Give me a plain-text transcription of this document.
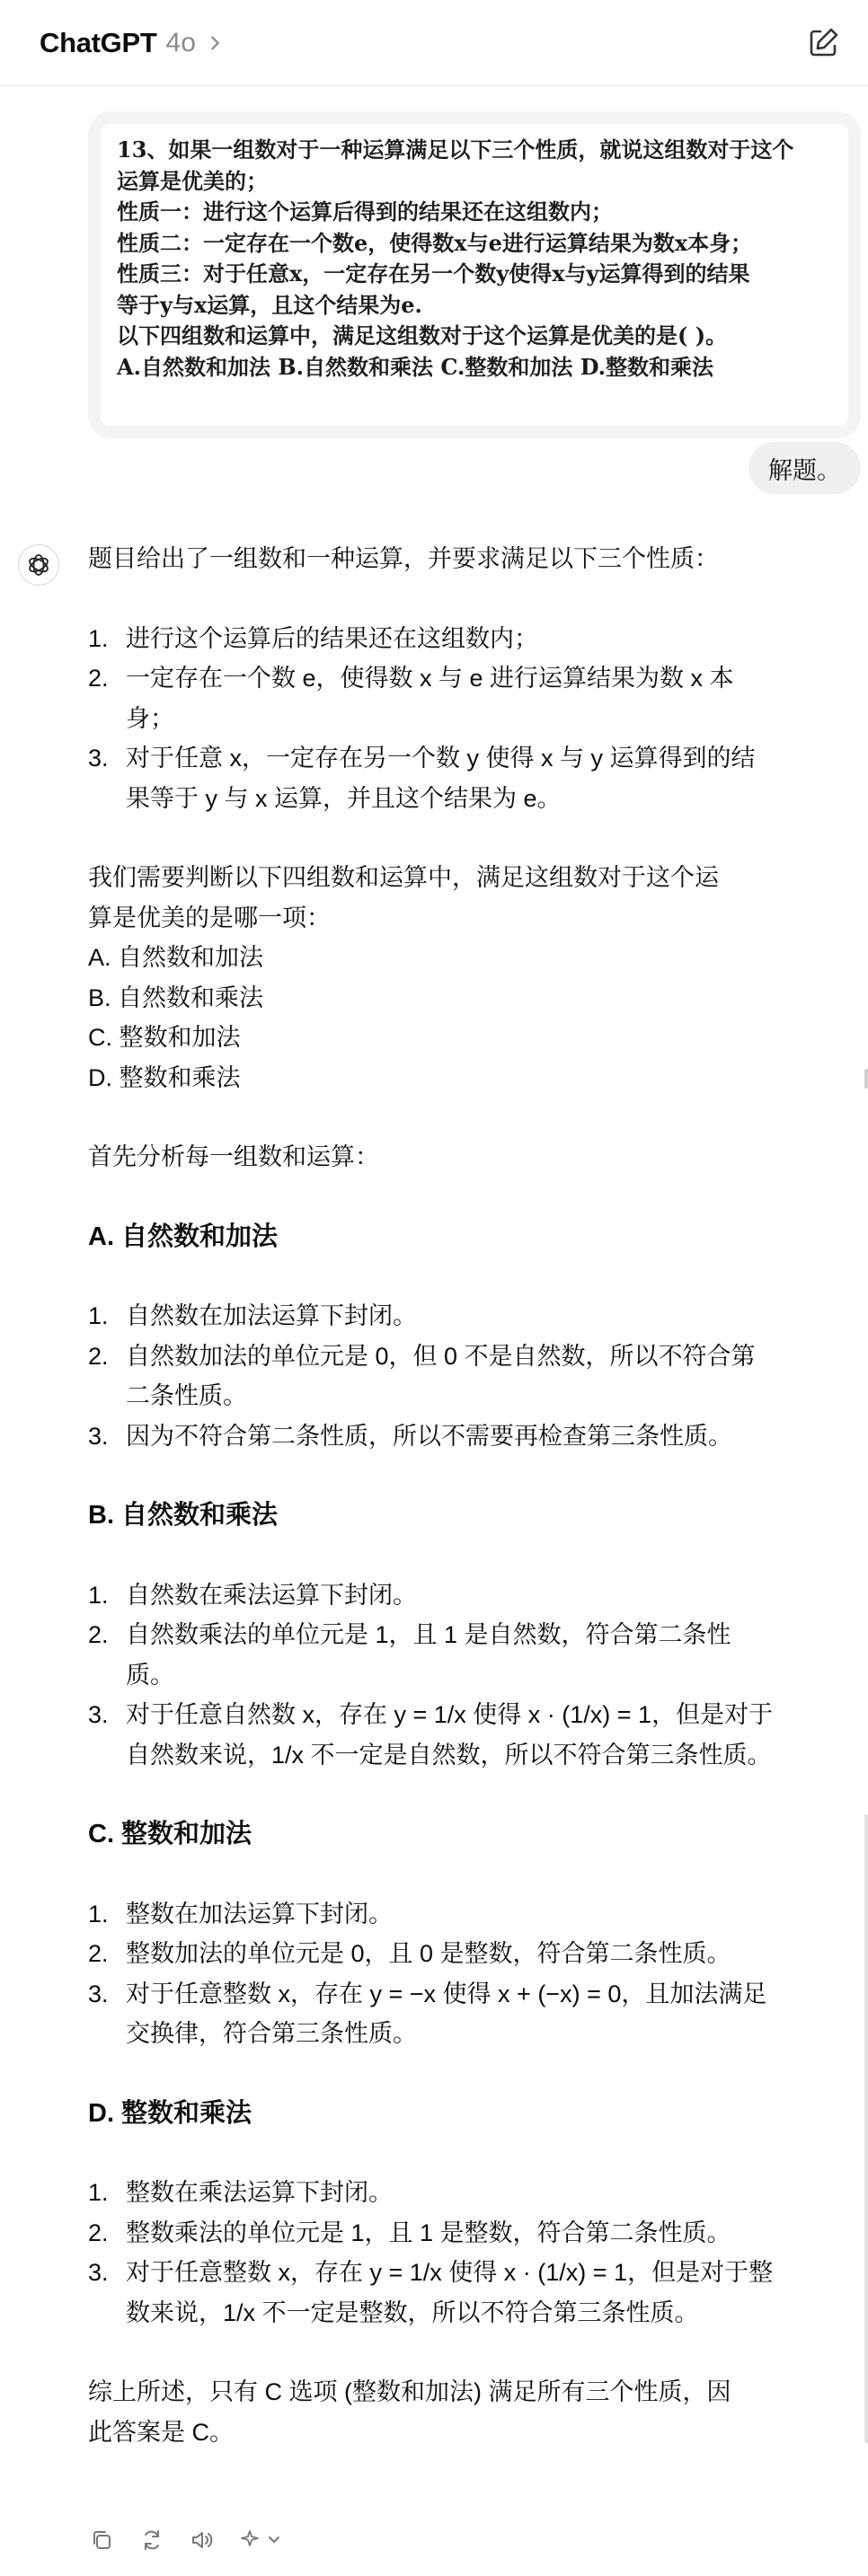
ChatGPT 4o
13、如果一组数对于一种运算满足以下三个性质，就说这组数对于这个
运算是优美的；
性质一：进行这个运算后得到的结果还在这组数内；
性质二：一定存在一个数e，使得数x与e进行运算结果为数x本身；
性质三：对于任意x，一定存在另一个数y使得x与y运算得到的结果
等于y与x运算，且这个结果为e.
以下四组数和运算中，满足这组数对于这个运算是优美的是( )。
A.自然数和加法 B.自然数和乘法 C.整数和加法 D.整数和乘法
解题。

题目给出了一组数和一种运算，并要求满足以下三个性质：

1. 进行这个运算后的结果还在这组数内；
2. 一定存在一个数 e，使得数 x 与 e 进行运算结果为数 x 本身；
3. 对于任意 x，一定存在另一个数 y 使得 x 与 y 运算得到的结果等于 y 与 x 运算，并且这个结果为 e。

我们需要判断以下四组数和运算中，满足这组数对于这个运
算是优美的是哪一项：

A. 自然数和加法
B. 自然数和乘法
C. 整数和加法
D. 整数和乘法

首先分析每一组数和运算：

A. 自然数和加法
1. 自然数在加法运算下封闭。
2. 自然数加法的单位元是 0，但 0 不是自然数，所以不符合第二条性质。
3. 因为不符合第二条性质，所以不需要再检查第三条性质。
B. 自然数和乘法
1. 自然数在乘法运算下封闭。
2. 自然数乘法的单位元是 1，且 1 是自然数，符合第二条性质。
3. 对于任意自然数 x，存在 y = 1/x 使得 x · (1/x) = 1，但是对于自然数来说，1/x 不一定是自然数，所以不符合第三条性质。
C. 整数和加法
1. 整数在加法运算下封闭。
2. 整数加法的单位元是 0，且 0 是整数，符合第二条性质。
3. 对于任意整数 x，存在 y = −x 使得 x + (−x) = 0，且加法满足交换律，符合第三条性质。
D. 整数和乘法
1. 整数在乘法运算下封闭。
2. 整数乘法的单位元是 1，且 1 是整数，符合第二条性质。
3. 对于任意整数 x，存在 y = 1/x 使得 x · (1/x) = 1，但是对于整数来说，1/x 不一定是整数，所以不符合第三条性质。

综上所述，只有 C 选项 (整数和加法) 满足所有三个性质，因
此答案是 C。
